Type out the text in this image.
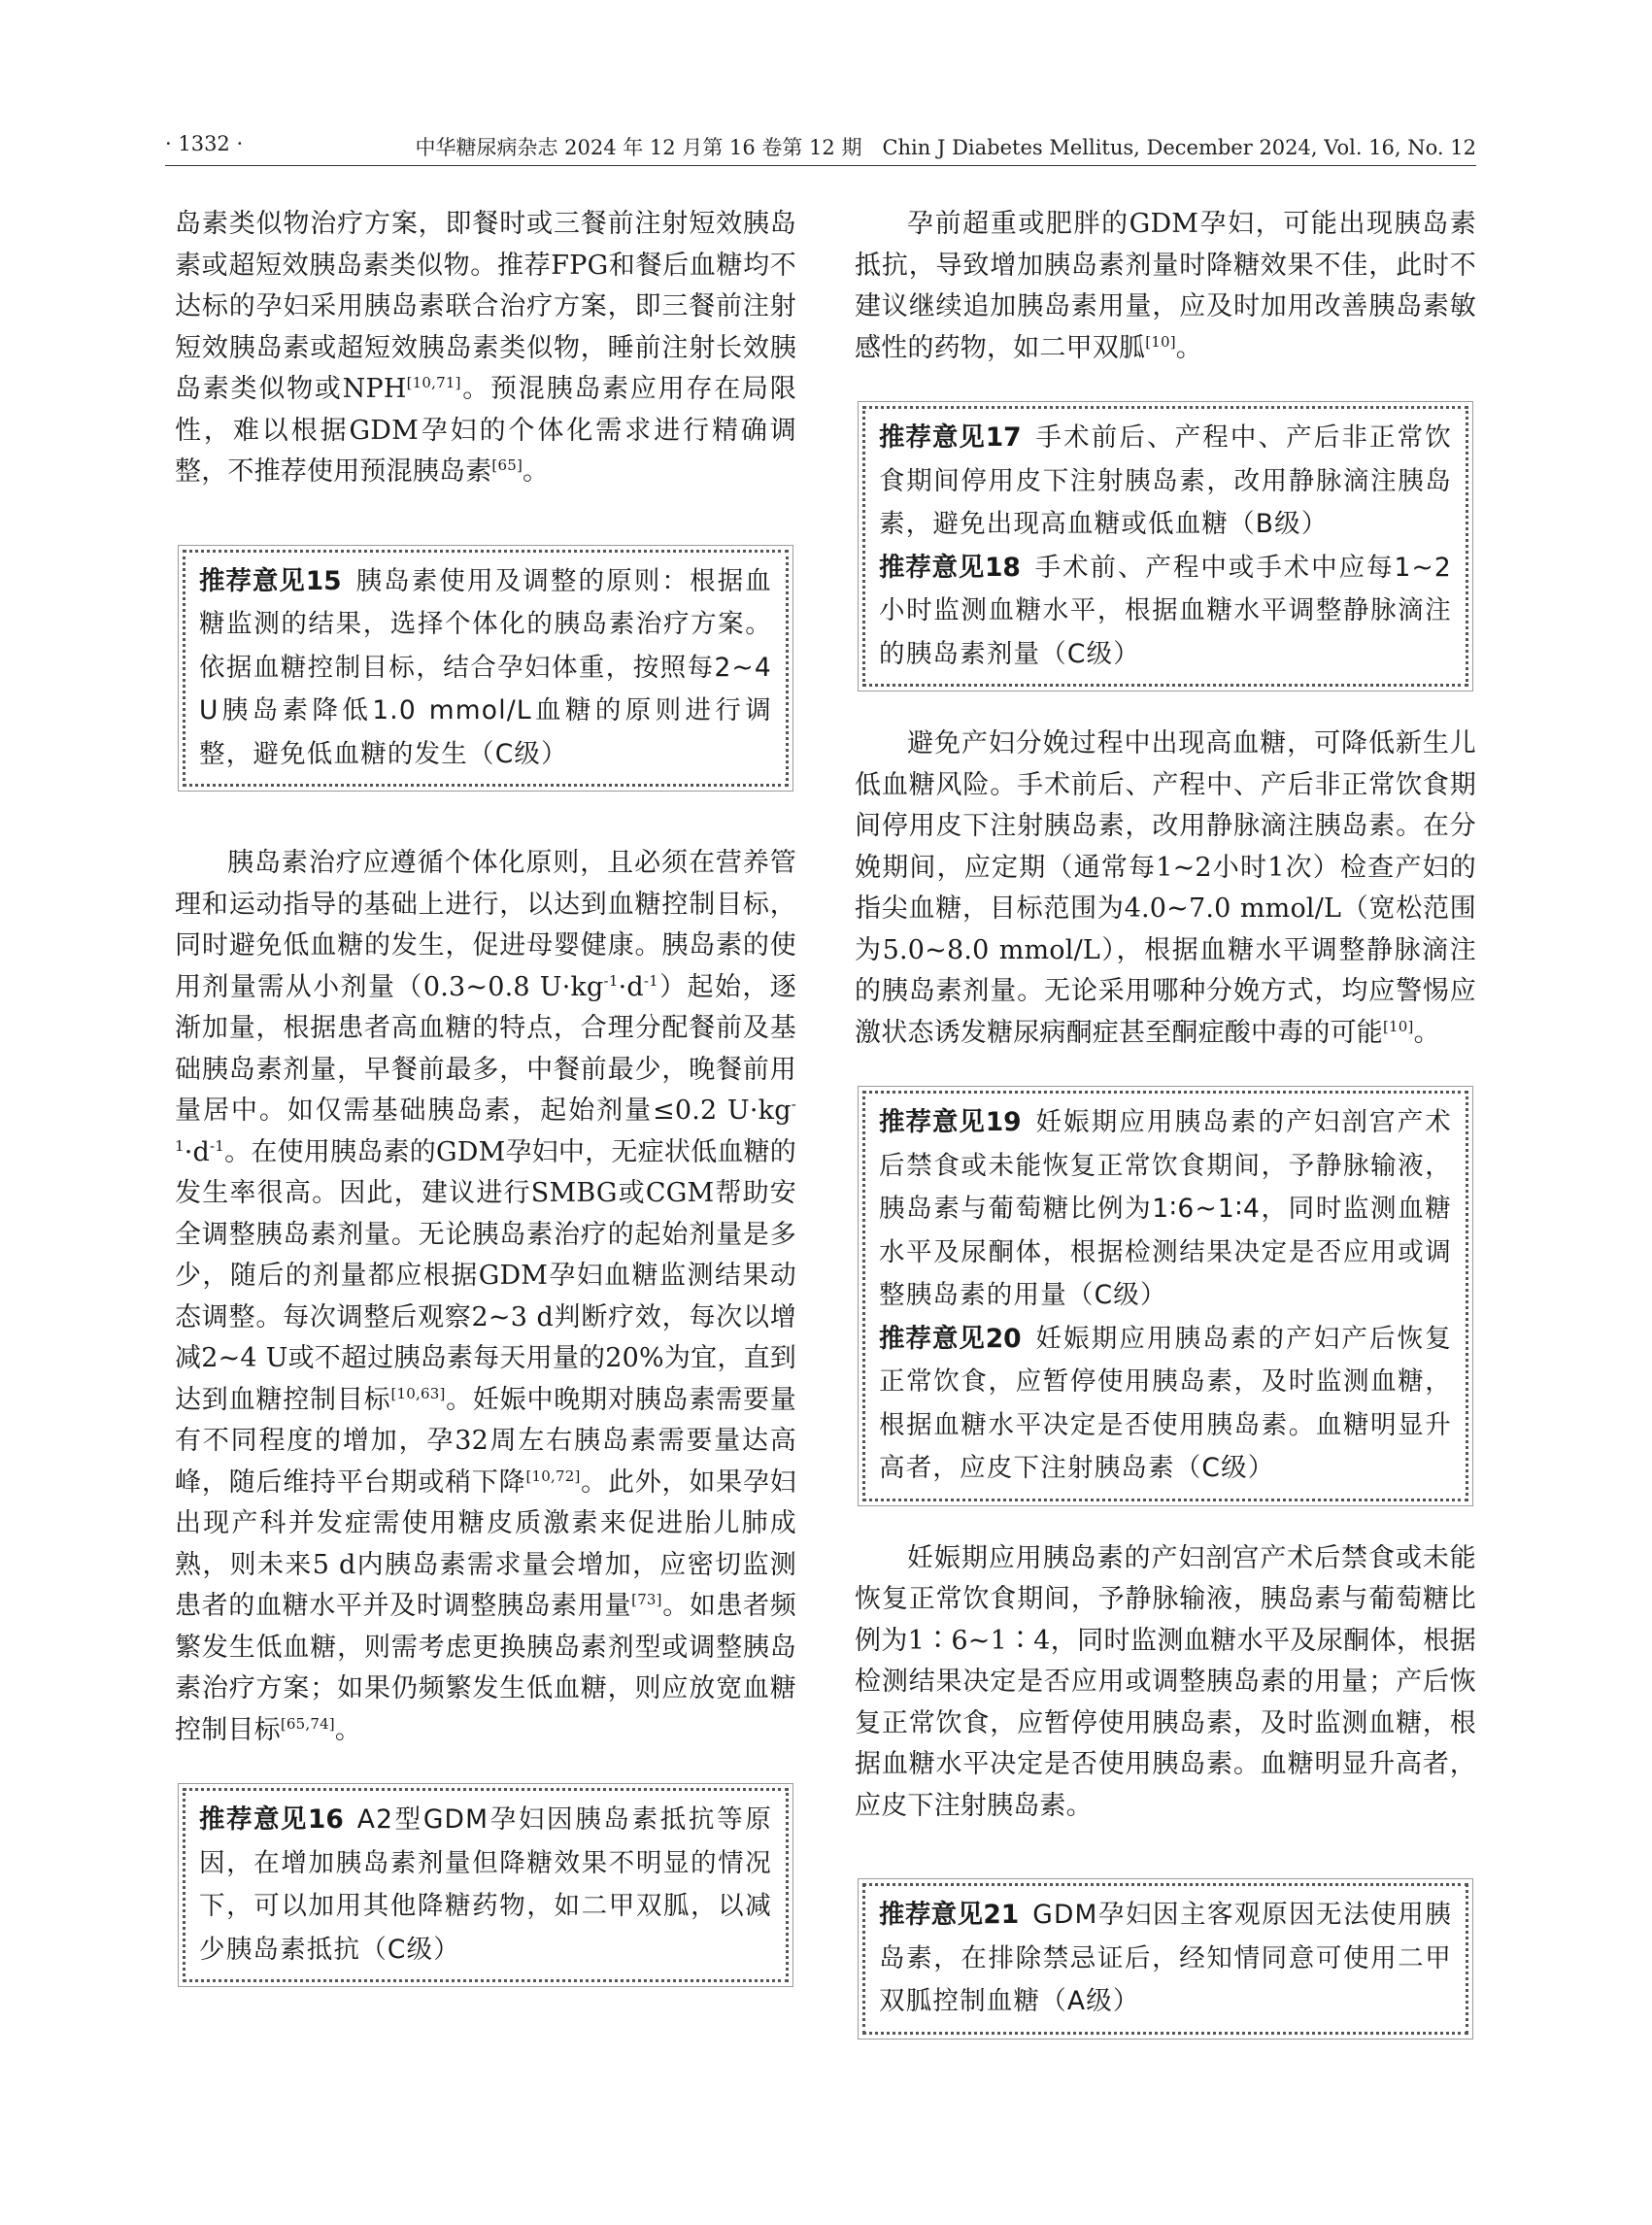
· 1332 ·	中华糖尿病杂志 2024 年 12 月第 16 卷第 12 期　Chin J Diabetes Mellitus, December 2024, Vol. 16, No. 12

岛素类似物治疗方案，即餐时或三餐前注射短效胰岛素或超短效胰岛素类似物。推荐FPG和餐后血糖均不达标的孕妇采用胰岛素联合治疗方案，即三餐前注射短效胰岛素或超短效胰岛素类似物，睡前注射长效胰岛素类似物或NPH[10,71]。预混胰岛素应用存在局限性，难以根据GDM孕妇的个体化需求进行精确调整，不推荐使用预混胰岛素[65]。

推荐意见15 胰岛素使用及调整的原则：根据血糖监测的结果，选择个体化的胰岛素治疗方案。依据血糖控制目标，结合孕妇体重，按照每2~4 U胰岛素降低1.0 mmol/L血糖的原则进行调整，避免低血糖的发生（C级）

胰岛素治疗应遵循个体化原则，且必须在营养管理和运动指导的基础上进行，以达到血糖控制目标，同时避免低血糖的发生，促进母婴健康。胰岛素的使用剂量需从小剂量（0.3~0.8 $U\cdot kg^{-1}\cdot d^{-1}$）起始，逐渐加量，根据患者高血糖的特点，合理分配餐前及基础胰岛素剂量，早餐前最多，中餐前最少，晚餐前用量居中。如仅需基础胰岛素，起始剂量≤0.2 $U\cdot kg^{-1}\cdot d^{-1}$。在使用胰岛素的GDM孕妇中，无症状低血糖的发生率很高。因此，建议进行SMBG或CGM帮助安全调整胰岛素剂量。无论胰岛素治疗的起始剂量是多少，随后的剂量都应根据GDM孕妇血糖监测结果动态调整。每次调整后观察2~3 d判断疗效，每次以增减2~4 U或不超过胰岛素每天用量的20%为宜，直到达到血糖控制目标[10,63]。妊娠中晚期对胰岛素需要量有不同程度的增加，孕32周左右胰岛素需要量达高峰，随后维持平台期或稍下降[10,72]。此外，如果孕妇出现产科并发症需使用糖皮质激素来促进胎儿肺成熟，则未来5 d内胰岛素需求量会增加，应密切监测患者的血糖水平并及时调整胰岛素用量[73]。如患者频繁发生低血糖，则需考虑更换胰岛素剂型或调整胰岛素治疗方案；如果仍频繁发生低血糖，则应放宽血糖控制目标[65,74]。

推荐意见16 A2型GDM孕妇因胰岛素抵抗等原因，在增加胰岛素剂量但降糖效果不明显的情况下，可以加用其他降糖药物，如二甲双胍，以减少胰岛素抵抗（C级）

孕前超重或肥胖的GDM孕妇，可能出现胰岛素抵抗，导致增加胰岛素剂量时降糖效果不佳，此时不建议继续追加胰岛素用量，应及时加用改善胰岛素敏感性的药物，如二甲双胍[10]。

推荐意见17 手术前后、产程中、产后非正常饮食期间停用皮下注射胰岛素，改用静脉滴注胰岛素，避免出现高血糖或低血糖（B级）

推荐意见18 手术前、产程中或手术中应每1~2小时监测血糖水平，根据血糖水平调整静脉滴注的胰岛素剂量（C级）

避免产妇分娩过程中出现高血糖，可降低新生儿低血糖风险。手术前后、产程中、产后非正常饮食期间停用皮下注射胰岛素，改用静脉滴注胰岛素。在分娩期间，应定期（通常每1~2小时1次）检查产妇的指尖血糖，目标范围为4.0~7.0 mmol/L（宽松范围为5.0~8.0 mmol/L），根据血糖水平调整静脉滴注的胰岛素剂量。无论采用哪种分娩方式，均应警惕应激状态诱发糖尿病酮症甚至酮症酸中毒的可能[10]。

推荐意见19 妊娠期应用胰岛素的产妇剖宫产术后禁食或未能恢复正常饮食期间，予静脉输液，胰岛素与葡萄糖比例为1∶6~1∶4，同时监测血糖水平及尿酮体，根据检测结果决定是否应用或调整胰岛素的用量（C级）

推荐意见20 妊娠期应用胰岛素的产妇产后恢复正常饮食，应暂停使用胰岛素，及时监测血糖，根据血糖水平决定是否使用胰岛素。血糖明显升高者，应皮下注射胰岛素（C级）

妊娠期应用胰岛素的产妇剖宫产术后禁食或未能恢复正常饮食期间，予静脉输液，胰岛素与葡萄糖比例为1∶6~1∶4，同时监测血糖水平及尿酮体，根据检测结果决定是否应用或调整胰岛素的用量；产后恢复正常饮食，应暂停使用胰岛素，及时监测血糖，根据血糖水平决定是否使用胰岛素。血糖明显升高者，应皮下注射胰岛素。

推荐意见21 GDM孕妇因主客观原因无法使用胰岛素，在排除禁忌证后，经知情同意可使用二甲双胍控制血糖（A级）
